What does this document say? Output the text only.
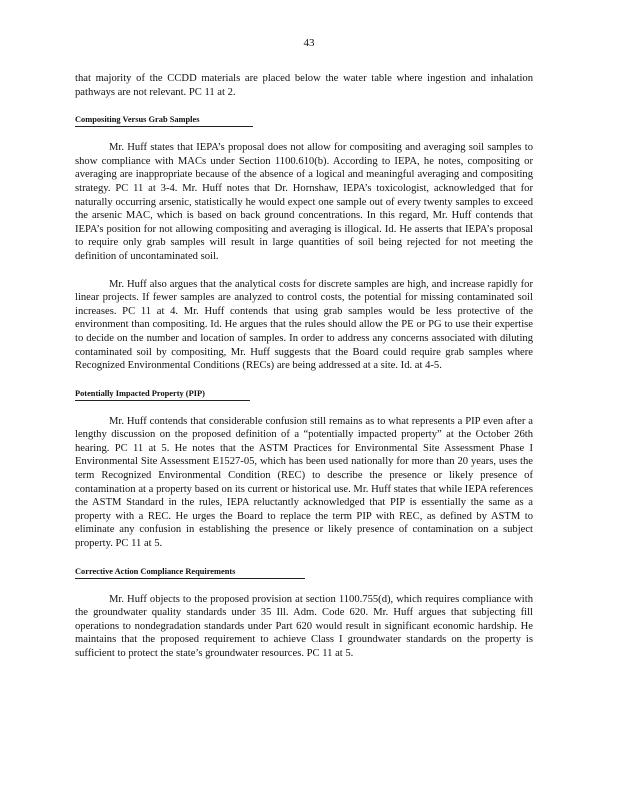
43

that majority of the CCDD materials are placed below the water table where ingestion and inhalation pathways are not relevant. PC 11 at 2.

Compositing Versus Grab Samples

Mr. Huff states that IEPA’s proposal does not allow for compositing and averaging soil samples to show compliance with MACs under Section 1100.610(b). According to IEPA, he notes, compositing or averaging are inappropriate because of the absence of a logical and meaningful averaging and compositing strategy. PC 11 at 3-4. Mr. Huff notes that Dr. Hornshaw, IEPA’s toxicologist, acknowledged that for naturally occurring arsenic, statistically he would expect one sample out of every twenty samples to exceed the arsenic MAC, which is based on back ground concentrations. In this regard, Mr. Huff contends that IEPA’s position for not allowing compositing and averaging is illogical. Id. He asserts that IEPA’s proposal to require only grab samples will result in large quantities of soil being rejected for not meeting the definition of uncontaminated soil.

Mr. Huff also argues that the analytical costs for discrete samples are high, and increase rapidly for linear projects. If fewer samples are analyzed to control costs, the potential for missing contaminated soil increases. PC 11 at 4. Mr. Huff contends that using grab samples would be less protective of the environment than compositing. Id. He argues that the rules should allow the PE or PG to use their expertise to decide on the number and location of samples. In order to address any concerns associated with diluting contaminated soil by compositing, Mr. Huff suggests that the Board could require grab samples where Recognized Environmental Conditions (RECs) are being addressed at a site. Id. at 4-5.

Potentially Impacted Property (PIP)

Mr. Huff contends that considerable confusion still remains as to what represents a PIP even after a lengthy discussion on the proposed definition of a “potentially impacted property” at the October 26th hearing. PC 11 at 5. He notes that the ASTM Practices for Environmental Site Assessment Phase I Environmental Site Assessment E1527-05, which has been used nationally for more than 20 years, uses the term Recognized Environmental Condition (REC) to describe the presence or likely presence of contamination at a property based on its current or historical use. Mr. Huff states that while IEPA references the ASTM Standard in the rules, IEPA reluctantly acknowledged that PIP is essentially the same as a property with a REC. He urges the Board to replace the term PIP with REC, as defined by ASTM to eliminate any confusion in establishing the presence or likely presence of contamination on a subject property. PC 11 at 5.

Corrective Action Compliance Requirements

Mr. Huff objects to the proposed provision at section 1100.755(d), which requires compliance with the groundwater quality standards under 35 Ill. Adm. Code 620. Mr. Huff argues that subjecting fill operations to nondegradation standards under Part 620 would result in significant economic hardship. He maintains that the proposed requirement to achieve Class I groundwater standards on the property is sufficient to protect the state’s groundwater resources. PC 11 at 5.
